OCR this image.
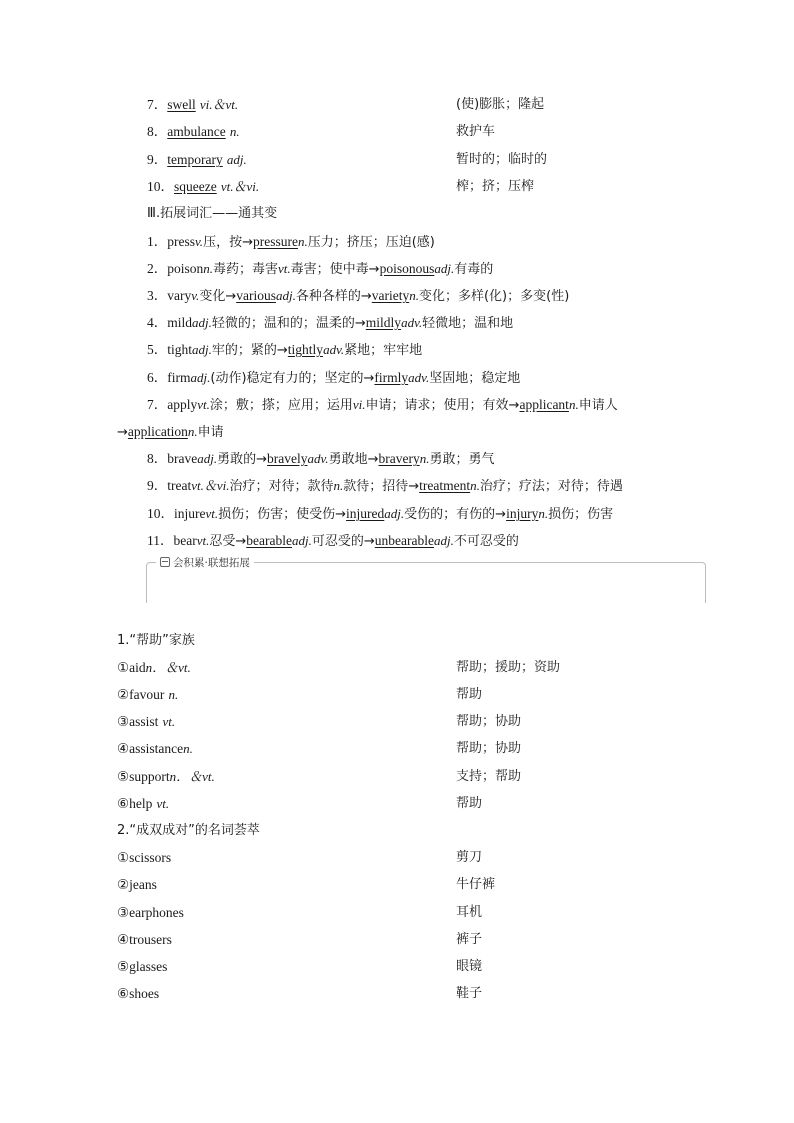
7．swell vi.＆vt.	(使)膨胀；隆起
8．ambulance n.	救护车
9．temporary adj.	暂时的；临时的
10．squeeze vt.＆vi.	榨；挤；压榨
Ⅲ.拓展词汇——通其变
1．pressv.压，按→pressuren.压力；挤压；压迫(感)
2．poisonn.毒药；毒害vt.毒害；使中毒→poisonousadj.有毒的
3．varyv.变化→variousadj.各种各样的→varietyn.变化；多样(化)；多变(性)
4．mildadj.轻微的；温和的；温柔的→mildlyadv.轻微地；温和地
5．tightadj.牢的；紧的→tightlyadv.紧地；牢牢地
6．firmadj.(动作)稳定有力的；坚定的→firmlyadv.坚固地；稳定地
7．applyvt.涂；敷；搽；应用；运用vi.申请；请求；使用；有效→applicantn.申请人
→applicationn.申请
8．braveadj.勇敢的→bravelyadv.勇敢地→braveryn.勇敢；勇气
9．treatvt.＆vi.治疗；对待；款待n.款待；招待→treatmentn.治疗；疗法；对待；待遇
10．injurevt.损伤；伤害；使受伤→injuredadj.受伤的；有伤的→injuryn.损伤；伤害
11．bearvt.忍受→bearableadj.可忍受的→unbearableadj.不可忍受的
会积累·联想拓展
1.“帮助”家族
①aidn．＆vt.	帮助；援助；资助
②favour n.	帮助
③assist vt.	帮助；协助
④assistancen.	帮助；协助
⑤supportn．＆vt.	支持；帮助
⑥help vt.	帮助
2.“成双成对”的名词荟萃
①scissors	剪刀
②jeans	牛仔裤
③earphones	耳机
④trousers	裤子
⑤glasses	眼镜
⑥shoes	鞋子
